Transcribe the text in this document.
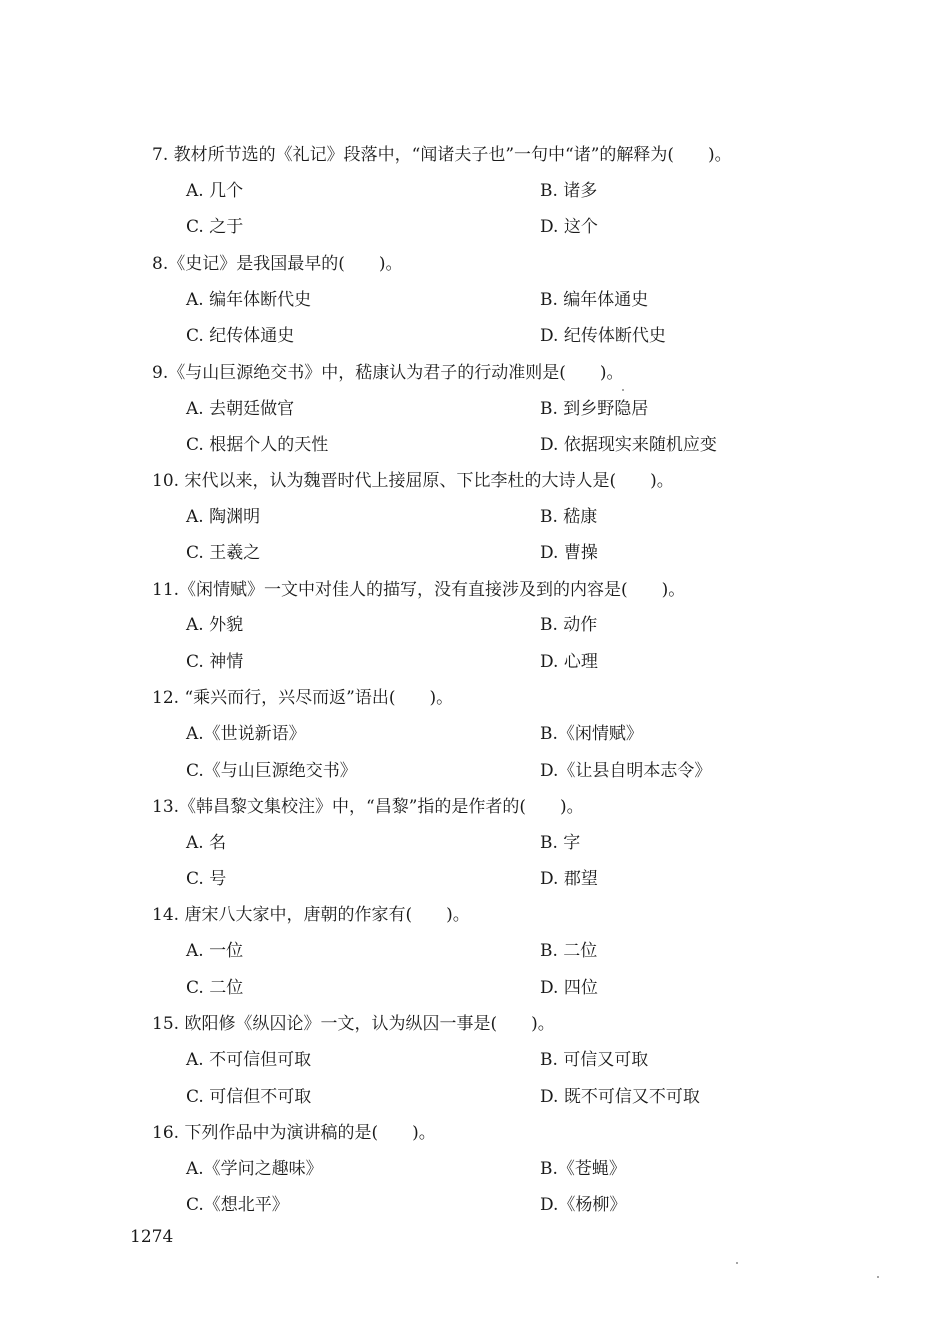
7. 教材所节选的《礼记》段落中，“闻诸夫子也”一句中“诸”的解释为(　　)。
A. 几个	B. 诸多
C. 之于	D. 这个
8.《史记》是我国最早的(　　)。
A. 编年体断代史	B. 编年体通史
C. 纪传体通史	D. 纪传体断代史
9.《与山巨源绝交书》中，嵇康认为君子的行动准则是(　　)。
A. 去朝廷做官	B. 到乡野隐居
C. 根据个人的天性	D. 依据现实来随机应变
10. 宋代以来，认为魏晋时代上接屈原、下比李杜的大诗人是(　　)。
A. 陶渊明	B. 嵇康
C. 王羲之	D. 曹操
11.《闲情赋》一文中对佳人的描写，没有直接涉及到的内容是(　　)。
A. 外貌	B. 动作
C. 神情	D. 心理
12. “乘兴而行，兴尽而返”语出(　　)。
A.《世说新语》	B.《闲情赋》
C.《与山巨源绝交书》	D.《让县自明本志令》
13.《韩昌黎文集校注》中，“昌黎”指的是作者的(　　)。
A. 名	B. 字
C. 号	D. 郡望
14. 唐宋八大家中，唐朝的作家有(　　)。
A. 一位	B. 二位
C. 二位	D. 四位
15. 欧阳修《纵囚论》一文，认为纵囚一事是(　　)。
A. 不可信但可取	B. 可信又可取
C. 可信但不可取	D. 既不可信又不可取
16. 下列作品中为演讲稿的是(　　)。
A.《学问之趣味》	B.《苍蝇》
C.《想北平》	D.《杨柳》
1274
